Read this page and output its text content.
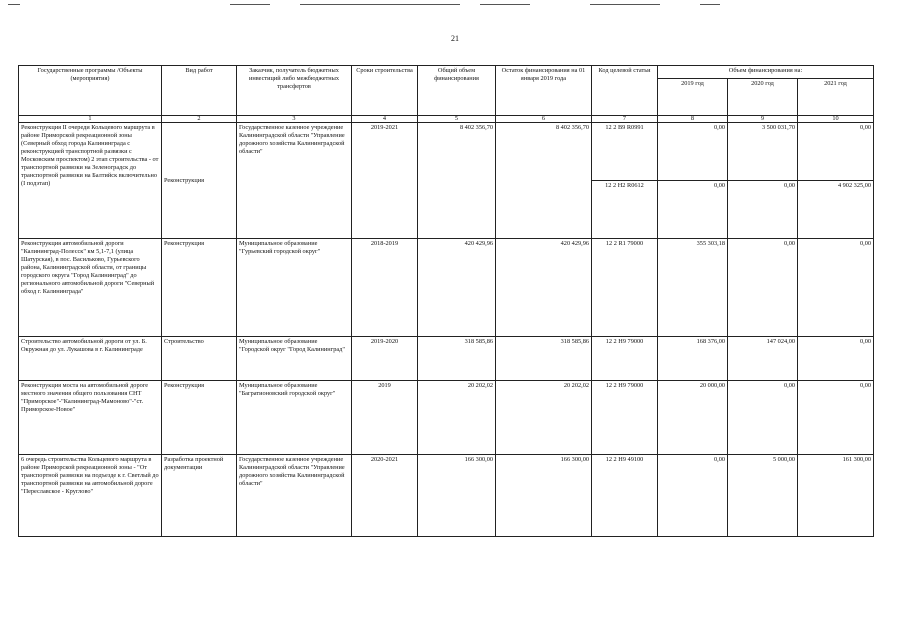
21
Государственные программы /Объекты (мероприятия)	Вид работ	Заказчик, получатель бюджетных инвестиций либо межбюджетных трансфертов	Сроки строительства	Общий объем финансирования	Остаток финансирования на 01 января 2019 года	Код целевой статьи	Объем финансирования на:		
							2019 год	2020 год	2021 год
1	2	3	4	5	6	7	8	9	10
Реконструкция II очереди Кольцевого маршрута в районе Приморской рекреационной зоны (Северный обход города Калининграда с реконструкцией транспортной развязки с Московским проспектом) 2 этап строительства - от транспортной развязки на Зеленоградск до транспортной развязки на Балтийск включительно (I подэтап)	Реконструкция	Государственное казенное учреждение Калининградской области "Управление дорожного хозяйства Калининградской области"	2019-2021	8 402 356,70	8 402 356,70	12 2 B9 R0991	0,00	3 500 031,70	0,00
						12 2 H2 R0612	0,00	0,00	4 902 325,00
Реконструкция автомобильной дороги "Калининград-Полесск" км 5,1-7,1 (улица Шатурская), в пос. Васильково, Гурьевского района, Калининградской области, от границы городского округа "Город Калининград" до регионального автомобильной дороги "Северный обход г. Калининграда"	Реконструкция	Муниципальное образование "Гурьевский городской округ"	2018-2019	420 429,96	420 429,96	12 2 R1 79000	355 303,18	0,00	0,00
Строительство автомобильной дороги от ул. Б. Окружная до ул. Лукашова в г. Калининграде	Строительство	Муниципальное образование "Городской округ "Город Калининград"	2019-2020	318 585,86	318 585,86	12 2 H9 79000	168 376,00	147 024,00	0,00
Реконструкция моста на автомобильной дороге местного значения общего пользования СНТ "Приморское"-"Калининград-Мамоново"-"ст. Приморское-Новое"	Реконструкция	Муниципальное образование "Багратионовский городской округ"	2019	20 202,02	20 202,02	12 2 H9 79000	20 000,00	0,00	0,00
6 очередь строительства Кольцевого маршрута в районе Приморской рекреационной зоны - "От транспортной развязки на подъезде к г. Светлый до транспортной развязки на автомобильной дороге "Переславское - Круглово"	Разработка проектной документации	Государственное казенное учреждение Калининградской области "Управление дорожного хозяйства Калининградской области"	2020-2021	166 300,00	166 300,00	12 2 H9 49100	0,00	5 000,00	161 300,00
